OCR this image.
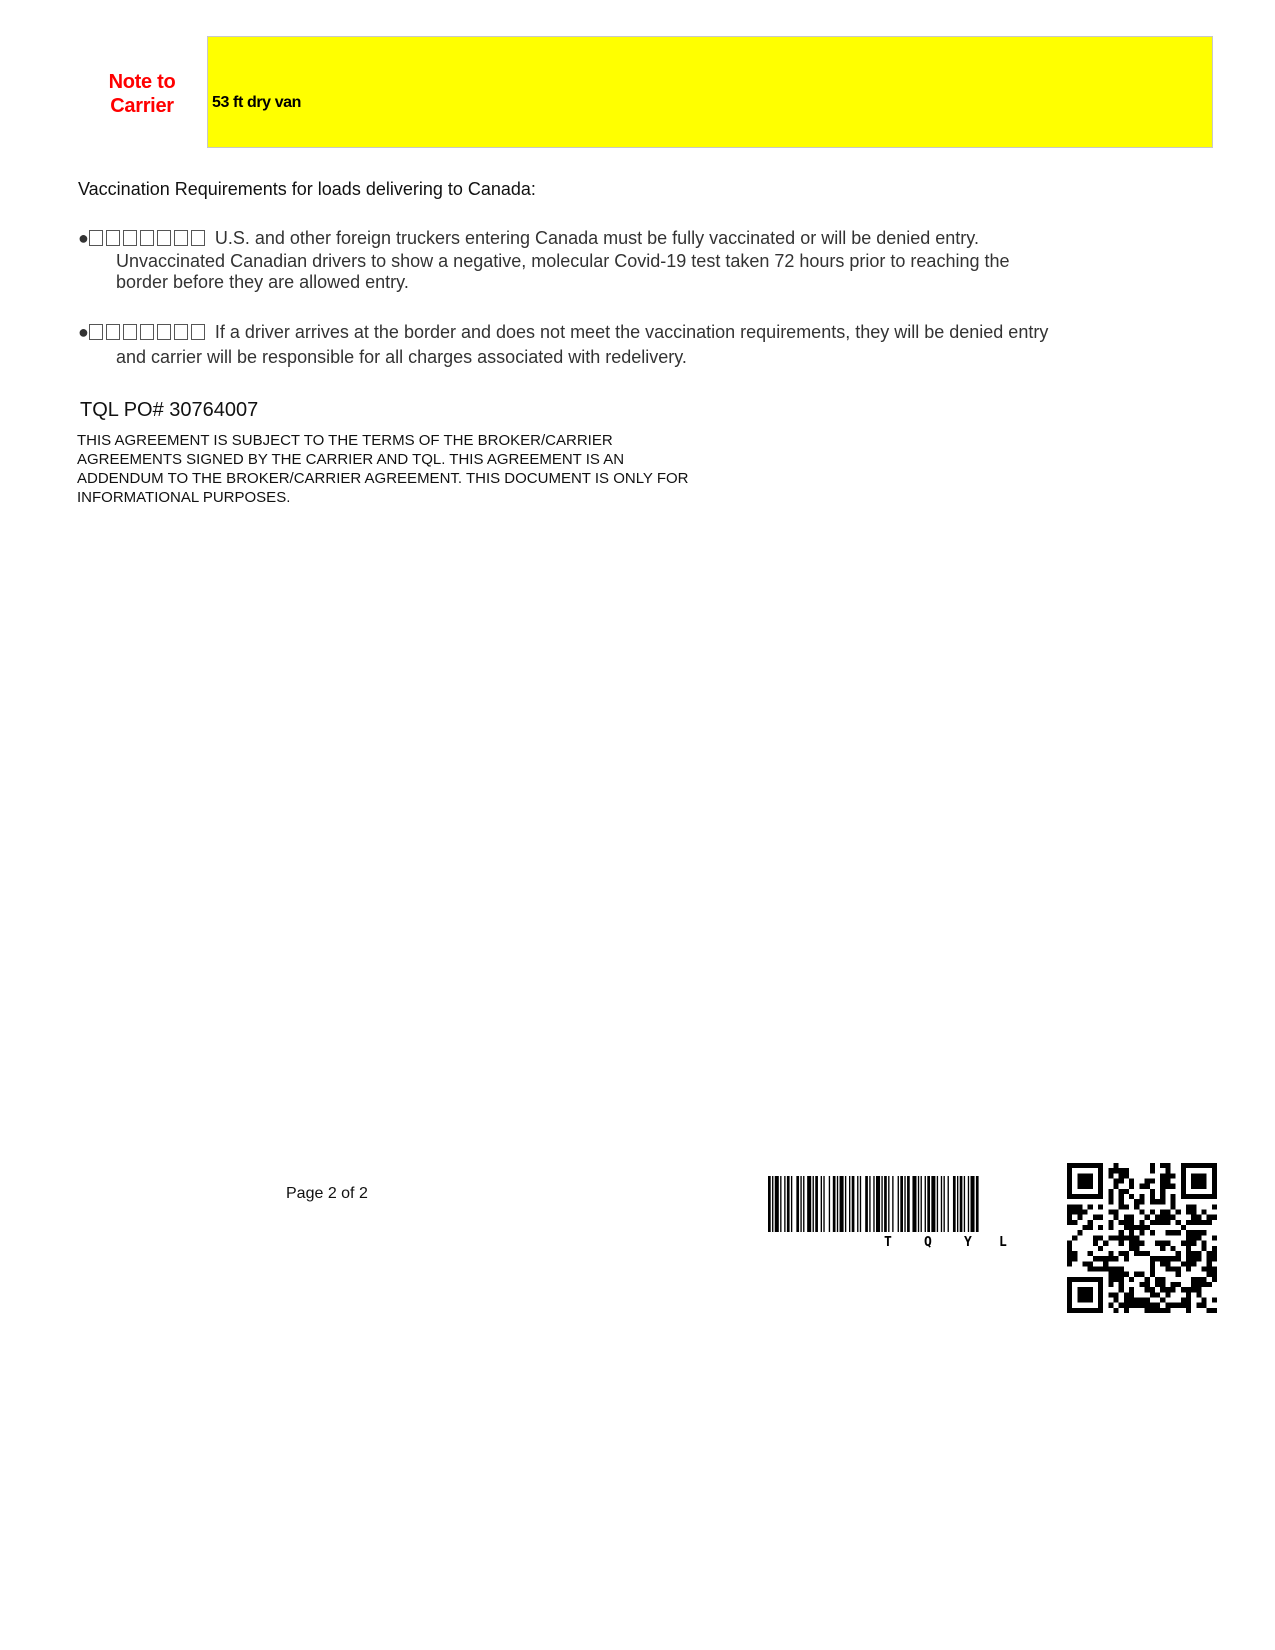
Note to
Carrier	53 ft dry van
Vaccination Requirements for loads delivering to Canada:
●	U.S. and other foreign truckers entering Canada must be fully vaccinated or will be denied entry.
Unvaccinated Canadian drivers to show a negative, molecular Covid-19 test taken 72 hours prior to reaching the
border before they are allowed entry.
●	If a driver arrives at the border and does not meet the vaccination requirements, they will be denied entry
and carrier will be responsible for all charges associated with redelivery.
TQL PO# 30764007
THIS AGREEMENT IS SUBJECT TO THE TERMS OF THE BROKER/CARRIER
AGREEMENTS SIGNED BY THE CARRIER AND TQL. THIS AGREEMENT IS AN
ADDENDUM TO THE BROKER/CARRIER AGREEMENT. THIS DOCUMENT IS ONLY FOR
INFORMATIONAL PURPOSES.
Page 2 of 2
T Q Y L
